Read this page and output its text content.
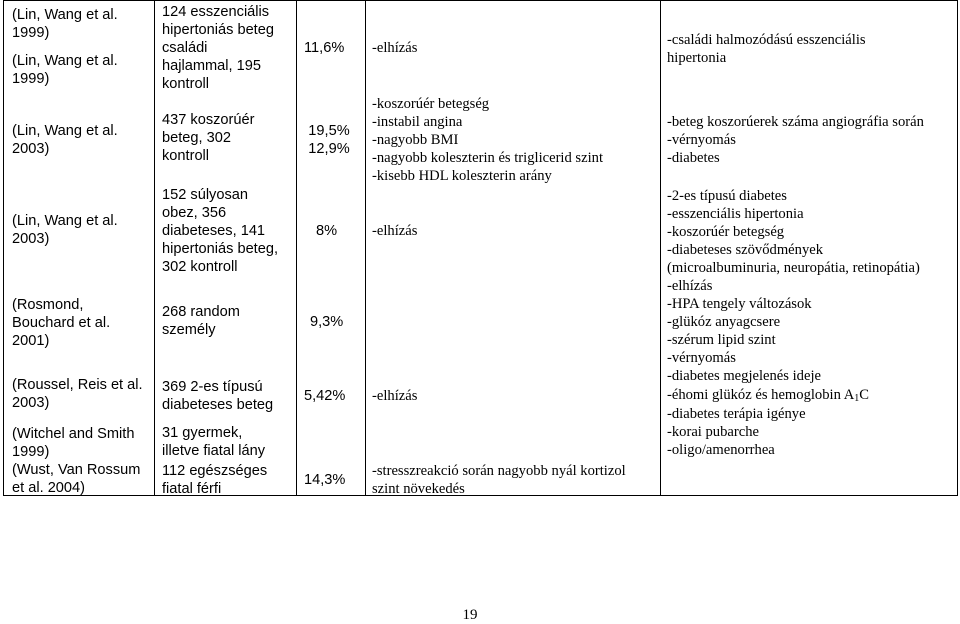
(Lin, Wang et al.
1999)
(Lin, Wang et al.
1999)
(Lin, Wang et al.
2003)
(Lin, Wang et al.
2003)
(Rosmond,
Bouchard et al.
2001)
(Roussel, Reis et al.
2003)
(Witchel and Smith
1999)
(Wust, Van Rossum
et al. 2004)
124 esszenciális
hipertoniás beteg
családi
hajlammal, 195
kontroll
437 koszorúér
beteg, 302
kontroll
152 súlyosan
obez, 356
diabeteses, 141
hipertoniás beteg,
302 kontroll
268 random
személy
369 2-es típusú
diabeteses beteg
31 gyermek,
illetve fiatal lány
112 egészséges
fiatal férfi
11,6%
19,5%
12,9%
8%
9,3%
5,42%
14,3%
-elhízás
-koszorúér betegség
-instabil angina
-nagyobb BMI
-nagyobb koleszterin és triglicerid szint
-kisebb HDL koleszterin arány
-elhízás
-elhízás
-stresszreakció során nagyobb nyál kortizol
szint növekedés
-családi halmozódású esszenciális
hipertonia
-beteg koszorúerek száma angiográfia során
-vérnyomás
-diabetes
-2-es típusú diabetes
-esszenciális hipertonia
-koszorúér betegség
-diabeteses szövődmények
(microalbuminuria, neuropátia, retinopátia)
-elhízás
-HPA tengely változások
-glükóz anyagcsere
-szérum lipid szint
-vérnyomás
-diabetes megjelenés ideje
-éhomi glükóz és hemoglobin $A_1C$
-diabetes terápia igénye
-korai pubarche
-oligo/amenorrhea
19
